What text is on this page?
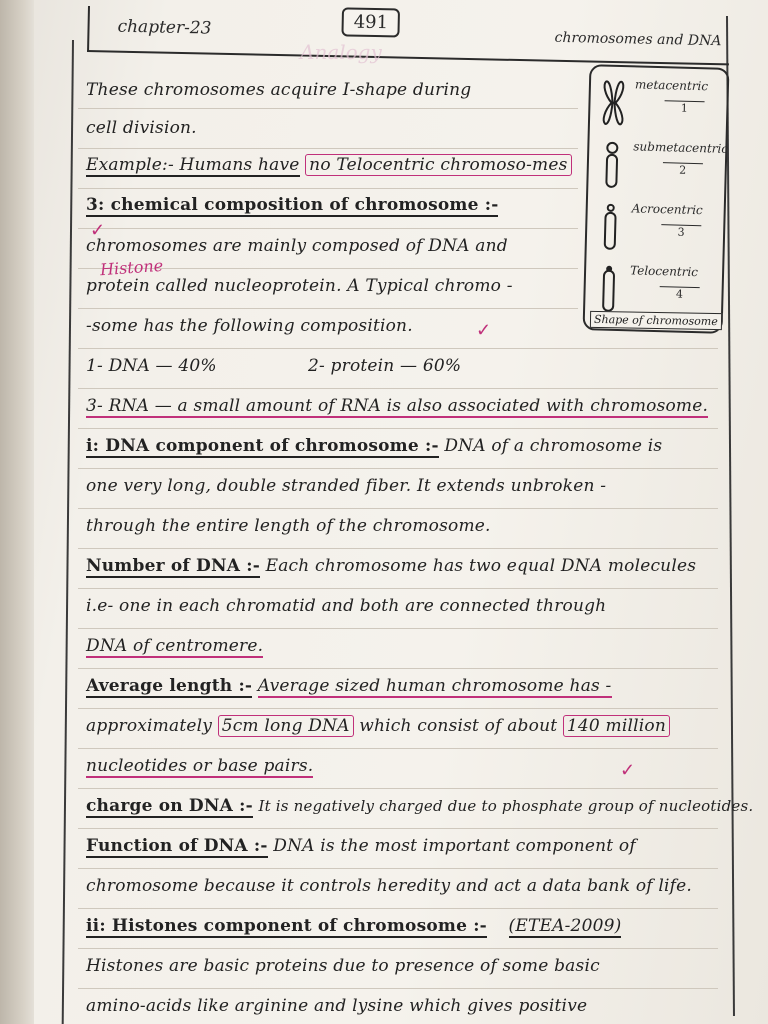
chapter-23	491
chromosomes and DNA
Analogy
metacentric
1
submetacentric
2
Acrocentric
3
Telocentric
4
Shape of chromosome
These chromosomes acquire I-shape during
cell division.
Example:- Humans have no Telocentric chromoso-mes
3: chemical composition of chromosome :-
chromosomes are mainly composed of DNA and
Histone
protein called nucleoprotein. A Typical chromo -
-some has the following composition.
1- DNA — 40%	2- protein — 60%
3- RNA — a small amount of RNA is also associated with chromosome.
i: DNA component of chromosome :- DNA of a chromosome is
one very long, double stranded fiber. It extends unbroken -
through the entire length of the chromosome.
Number of DNA :- Each chromosome has two equal DNA molecules
i.e- one in each chromatid and both are connected through
DNA of centromere.
Average length :- Average sized human chromosome has -
approximately 5cm long DNA which consist of about 140 million
nucleotides or base pairs.
charge on DNA :- It is negatively charged due to phosphate group of nucleotides.
Function of DNA :- DNA is the most important component of
chromosome because it controls heredity and act a data bank of life.
ii: Histones component of chromosome :- (ETEA-2009)
Histones are basic proteins due to presence of some basic
amino-acids like arginine and lysine which gives positive
✓
✓
✓
